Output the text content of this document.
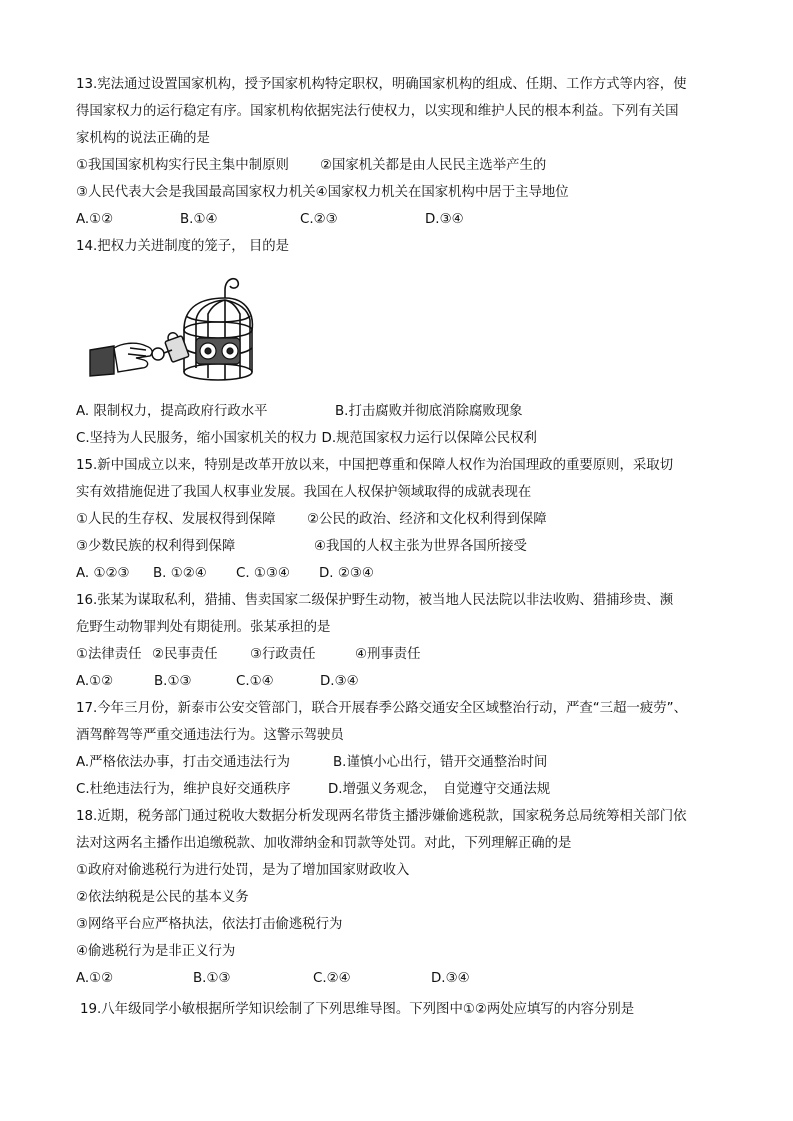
13.宪法通过设置国家机构，授予国家机构特定职权，明确国家机构的组成、任期、工作方式等内容，使
得国家权力的运行稳定有序。国家机构依据宪法行使权力，以实现和维护人民的根本利益。下列有关国
家机构的说法正确的是
①我国国家机构实行民主集中制原则 ②国家机关都是由人民民主选举产生的
③人民代表大会是我国最高国家权力机关④国家权力机关在国家机构中居于主导地位
A.①②	B.①④	C.②③	D.③④
14.把权力关进制度的笼子， 目的是
A. 限制权力，提高政府行政水平	B.打击腐败并彻底消除腐败现象
C.坚持为人民服务，缩小国家机关的权力 D.规范国家权力运行以保障公民权利
15.新中国成立以来，特别是改革开放以来，中国把尊重和保障人权作为治国理政的重要原则，采取切
实有效措施促进了我国人权事业发展。我国在人权保护领域取得的成就表现在
①人民的生存权、发展权得到保障 ②公民的政治、经济和文化权利得到保障
③少数民族的权利得到保障	④我国的人权主张为世界各国所接受
A. ①②③ B. ①②④ C. ①③④ D. ②③④
16.张某为谋取私利，猎捕、售卖国家二级保护野生动物，被当地人民法院以非法收购、猎捕珍贵、濒
危野生动物罪判处有期徒刑。张某承担的是
①法律责任 ②民事责任 ③行政责任	④刑事责任
A.①②	B.①③	C.①④	D.③④
17.今年三月份，新泰市公安交管部门，联合开展春季公路交通安全区域整治行动，严查“三超一疲劳”、
酒驾醉驾等严重交通违法行为。这警示驾驶员
A.严格依法办事，打击交通违法行为	B.谨慎小心出行，错开交通整治时间
C.杜绝违法行为，维护良好交通秩序	D.增强义务观念，　自觉遵守交通法规
18.近期，税务部门通过税收大数据分析发现两名带货主播涉嫌偷逃税款，国家税务总局统筹相关部门依
法对这两名主播作出追缴税款、加收滞纳金和罚款等处罚。对此，下列理解正确的是
①政府对偷逃税行为进行处罚，是为了增加国家财政收入
②依法纳税是公民的基本义务
③网络平台应严格执法，依法打击偷逃税行为
④偷逃税行为是非正义行为
A.①②	B.①③	C.②④	D.③④
19.八年级同学小敏根据所学知识绘制了下列思维导图。下列图中①②两处应填写的内容分别是
